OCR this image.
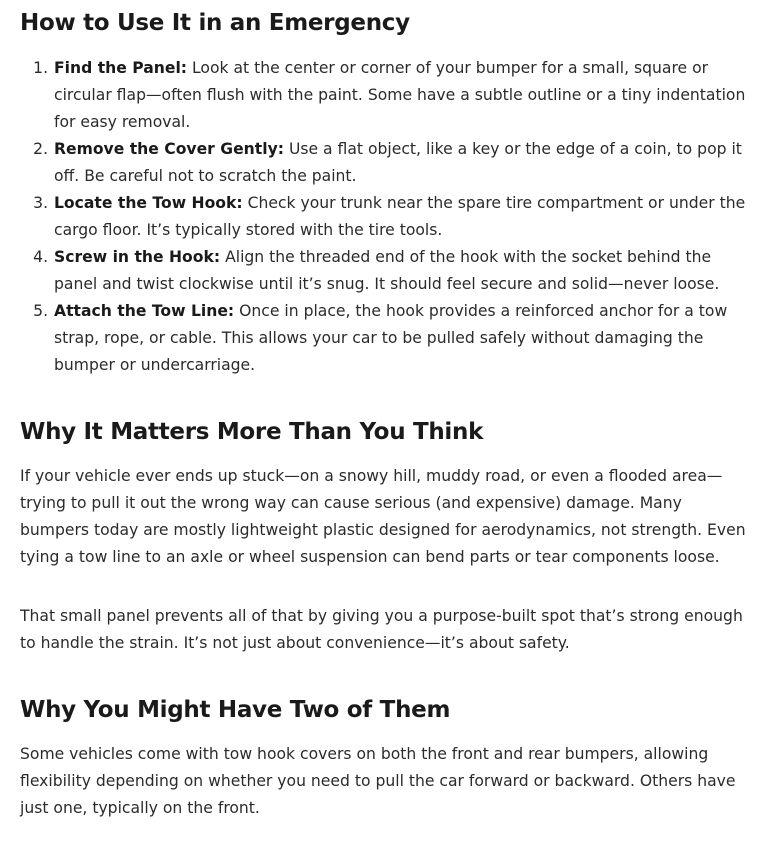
How to Use It in an Emergency
1. Find the Panel: Look at the center or corner of your bumper for a small, square or circular flap—often flush with the paint. Some have a subtle outline or a tiny indentation for easy removal.
2. Remove the Cover Gently: Use a flat object, like a key or the edge of a coin, to pop it off. Be careful not to scratch the paint.
3. Locate the Tow Hook: Check your trunk near the spare tire compartment or under the cargo floor. It’s typically stored with the tire tools.
4. Screw in the Hook: Align the threaded end of the hook with the socket behind the panel and twist clockwise until it’s snug. It should feel secure and solid—never loose.
5. Attach the Tow Line: Once in place, the hook provides a reinforced anchor for a tow strap, rope, or cable. This allows your car to be pulled safely without damaging the bumper or undercarriage.
Why It Matters More Than You Think

If your vehicle ever ends up stuck—on a snowy hill, muddy road, or even a flooded area—trying to pull it out the wrong way can cause serious (and expensive) damage. Many bumpers today are mostly lightweight plastic designed for aerodynamics, not strength. Even tying a tow line to an axle or wheel suspension can bend parts or tear components loose.

That small panel prevents all of that by giving you a purpose-built spot that’s strong enough to handle the strain. It’s not just about convenience—it’s about safety.

Why You Might Have Two of Them

Some vehicles come with tow hook covers on both the front and rear bumpers, allowing flexibility depending on whether you need to pull the car forward or backward. Others have just one, typically on the front.
